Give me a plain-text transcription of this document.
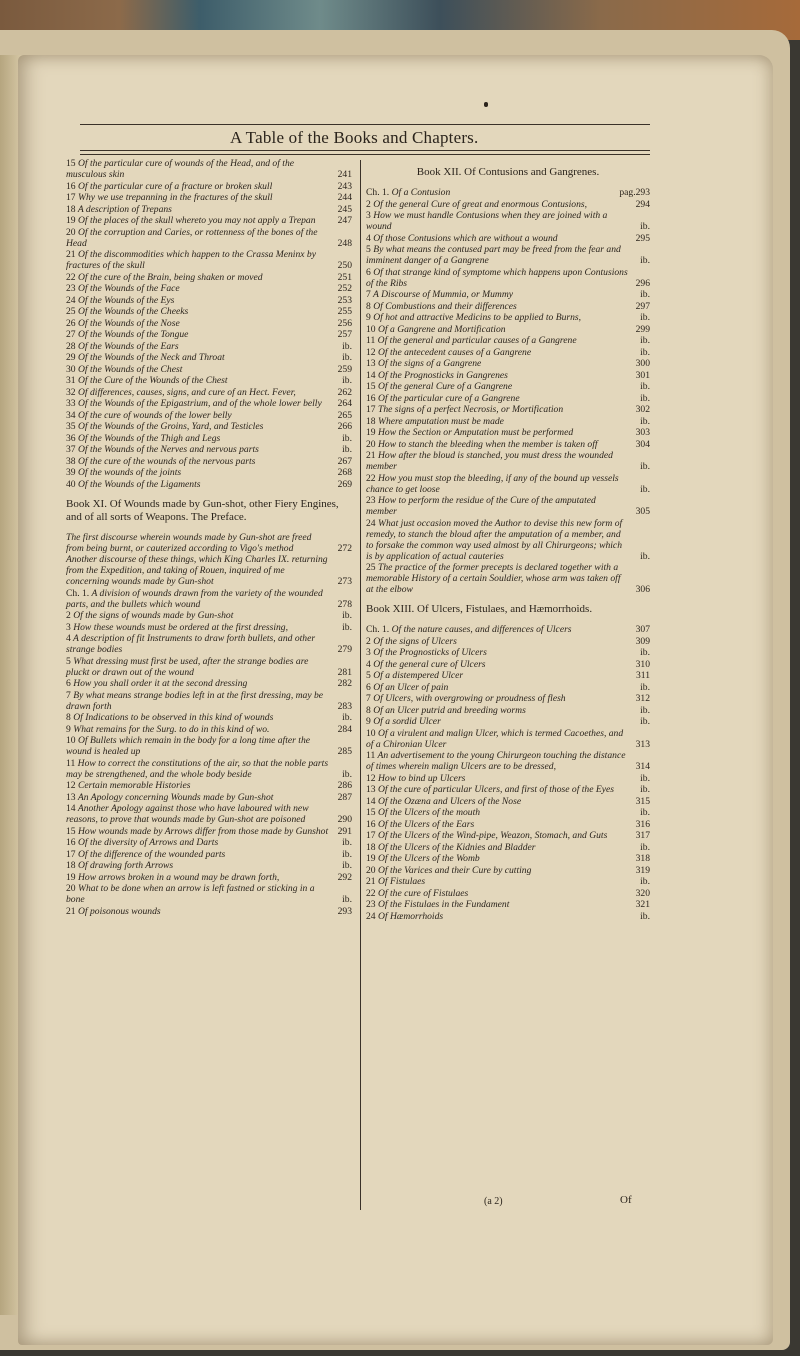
A Table of the Books and Chapters.
15 Of the particular cure of wounds of the Head, and of the musculous skin	241
16 Of the particular cure of a fracture or broken skull	243
17 Why we use trepanning in the fractures of the skull	244
18 A description of Trepans	245
19 Of the places of the skull whereto you may not apply a Trepan 247
20 Of the corruption and Caries, or rottenness of the bones of the Head	248
21 Of the discommodities which happen to the Crassa Meninx by fractures of the skull	250
22 Of the cure of the Brain, being shaken or moved	251
23 Of the Wounds of the Face	252
24 Of the Wounds of the Eys	253
25 Of the Wounds of the Cheeks	255
26 Of the Wounds of the Nose	256
27 Of the Wounds of the Tongue	257
28 Of the Wounds of the Ears	ib.
29 Of the Wounds of the Neck and Throat	ib.
30 Of the Wounds of the Chest	259
31 Of the Cure of the Wounds of the Chest	ib.
32 Of differences, causes, signs, and cure of an Hect. Fever,	262
33 Of the Wounds of the Epigastrium, and of the whole lower belly 264
34 Of the cure of wounds of the lower belly	265
35 Of the Wounds of the Groins, Yard, and Testicles	266
36 Of the Wounds of the Thigh and Legs	ib.
37 Of the Wounds of the Nerves and nervous parts	ib.
38 Of the cure of the wounds of the nervous parts	267
39 Of the wounds of the joints	268
40 Of the Wounds of the Ligaments	269
Book XI. Of Wounds made by Gun-shot, other Fiery Engines, and of all sorts of Weapons. The Preface.
The first discourse wherein wounds made by Gun-shot are freed from being burnt, or cauterized according to Vigo's method	272
Another discourse of these things, which King Charles IX. returning from the Expedition, and taking of Rouen, inquired of me concerning wounds made by Gun-shot	273
Ch. 1. A division of wounds drawn from the variety of the wounded parts, and the bullets which wound	278
2 Of the signs of wounds made by Gun-shot	ib.
3 How these wounds must be ordered at the first dressing,	ib.
4 A description of fit Instruments to draw forth bullets, and other strange bodies	279
5 What dressing must first be used, after the strange bodies are pluckt or drawn out of the wound	281
6 How you shall order it at the second dressing	282
7 By what means strange bodies left in at the first dressing, may be drawn forth	283
8 Of Indications to be observed in this kind of wounds	ib.
9 What remains for the Surg. to do in this kind of wo.	284
10 Of Bullets which remain in the body for a long time after the wound is healed up	285
11 How to correct the constitutions of the air, so that the noble parts may be strengthened, and the whole body beside	ib.
12 Certain memorable Histories	286
13 An Apology concerning Wounds made by Gun-shot	287
14 Another Apology against those who have laboured with new reasons, to prove that wounds made by Gun-shot are poisoned	290
15 How wounds made by Arrows differ from those made by Gunshot 291
16 Of the diversity of Arrows and Darts	ib.
17 Of the difference of the wounded parts	ib.
18 Of drawing forth Arrows	ib.
19 How arrows broken in a wound may be drawn forth,	292
20 What to be done when an arrow is left fastned or sticking in a bone	ib.
21 Of poisonous wounds	293
Book XII. Of Contusions and Gangrenes.
Ch. 1. Of a Contusion	pag.293
2 Of the general Cure of great and enormous Contusions,	294
3 How we must handle Contusions when they are joined with a wound	ib.
4 Of those Contusions which are without a wound	295
5 By what means the contused part may be freed from the fear and imminent danger of a Gangrene	ib.
6 Of that strange kind of symptome which happens upon Contusions of the Ribs	296
7 A Discourse of Mummia, or Mummy	ib.
8 Of Combustions and their differences	297
9 Of hot and attractive Medicins to be applied to Burns,	ib.
10 Of a Gangrene and Mortification	299
11 Of the general and particular causes of a Gangrene	ib.
12 Of the antecedent causes of a Gangrene	ib.
13 Of the signs of a Gangrene	300
14 Of the Prognosticks in Gangrenes	301
15 Of the general Cure of a Gangrene	ib.
16 Of the particular cure of a Gangrene	ib.
17 The signs of a perfect Necrosis, or Mortification	302
18 Where amputation must be made	ib.
19 How the Section or Amputation must be performed	303
20 How to stanch the bleeding when the member is taken off	304
21 How after the bloud is stanched, you must dress the wounded member	ib.
22 How you must stop the bleeding, if any of the bound up vessels chance to get loose	ib.
23 How to perform the residue of the Cure of the amputated member	305
24 What just occasion moved the Author to devise this new form of remedy, to stanch the bloud after the amputation of a member, and to forsake the common way used almost by all Chirurgeons; which is by application of actual cauteries	ib.
25 The practice of the former precepts is declared together with a memorable History of a certain Souldier, whose arm was taken off at the elbow	306
Book XIII. Of Ulcers, Fistulaes, and Hæmorrhoids.
Ch. 1. Of the nature causes, and differences of Ulcers	307
2 Of the signs of Ulcers	309
3 Of the Prognosticks of Ulcers	ib.
4 Of the general cure of Ulcers	310
5 Of a distempered Ulcer	311
6 Of an Ulcer of pain	ib.
7 Of Ulcers, with overgrowing or proudness of flesh	312
8 Of an Ulcer putrid and breeding worms	ib.
9 Of a sordid Ulcer	ib.
10 Of a virulent and malign Ulcer, which is termed Cacoethes, and of a Chironian Ulcer	313
11 An advertisement to the young Chirurgeon touching the distance of times wherein malign Ulcers are to be dressed,	314
12 How to bind up Ulcers	ib.
13 Of the cure of particular Ulcers, and first of those of the Eyes	ib.
14 Of the Ozæna and Ulcers of the Nose	315
15 Of the Ulcers of the mouth	ib.
16 Of the Ulcers of the Ears	316
17 Of the Ulcers of the Wind-pipe, Weazon, Stomach, and Guts	317
18 Of the Ulcers of the Kidnies and Bladder	ib.
19 Of the Ulcers of the Womb	318
20 Of the Varices and their Cure by cutting	319
21 Of Fistulaes	ib.
22 Of the cure of Fistulaes	320
23 Of the Fistulaes in the Fundament	321
24 Of Hæmorrhoids	ib.
(a 2)	Of
